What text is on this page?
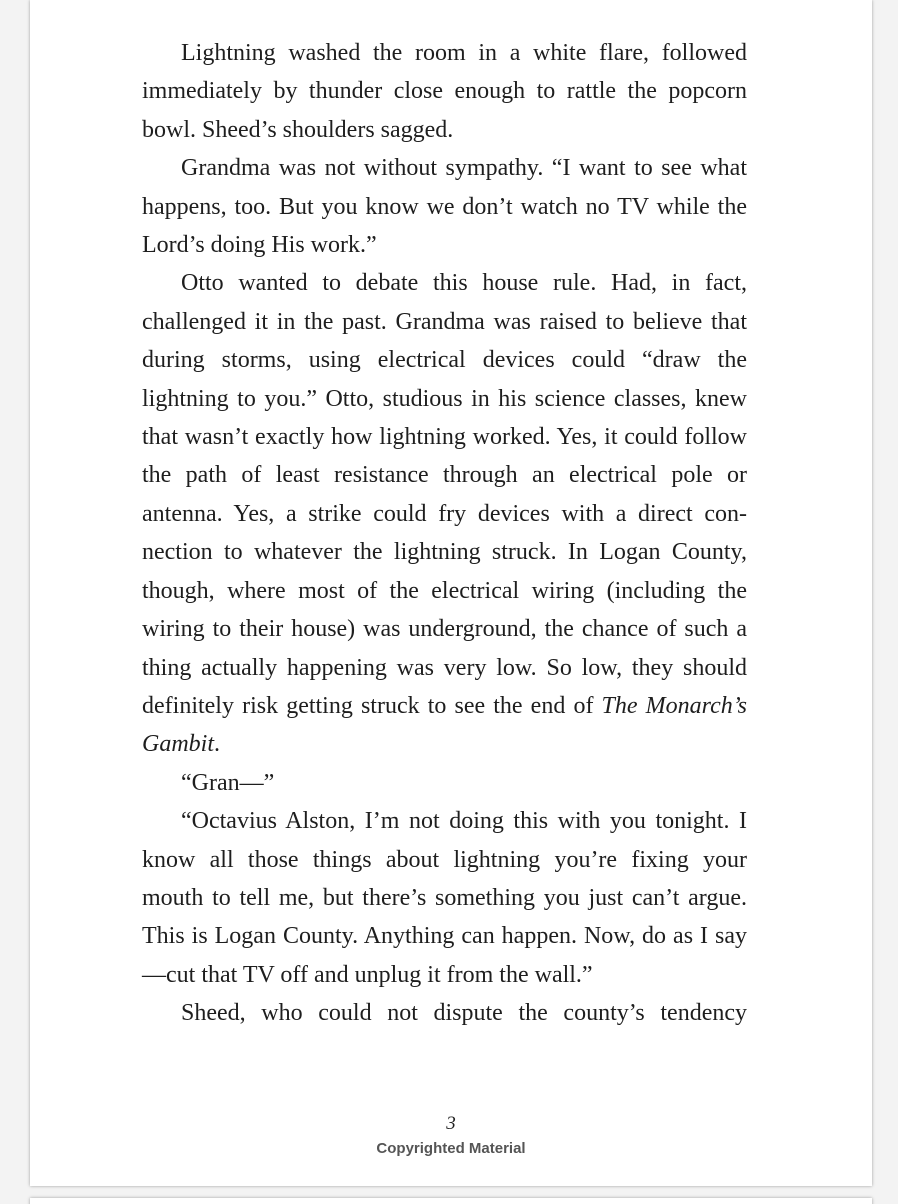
Lightning washed the room in a white flare, followed immediately by thunder close enough to rattle the popcorn bowl. Sheed’s shoulders sagged.

Grandma was not without sympathy. “I want to see what happens, too. But you know we don’t watch no TV while the Lord’s doing His work.”

Otto wanted to debate this house rule. Had, in fact, challenged it in the past. Grandma was raised to believe that during storms, using electrical devices could “draw the lightning to you.” Otto, studious in his science classes, knew that wasn’t exactly how lightning worked. Yes, it could follow the path of least resistance through an electrical pole or antenna. Yes, a strike could fry devices with a direct connection to whatever the lightning struck. In Logan County, though, where most of the electrical wiring (including the wiring to their house) was underground, the chance of such a thing actually happening was very low. So low, they should definitely risk getting struck to see the end of The Monarch’s Gambit.

“Gran—”

“Octavius Alston, I’m not doing this with you tonight. I know all those things about lightning you’re fixing your mouth to tell me, but there’s something you just can’t argue. This is Logan County. Anything can happen. Now, do as I say—cut that TV off and unplug it from the wall.”

Sheed, who could not dispute the county’s tendency

3
Copyrighted Material
